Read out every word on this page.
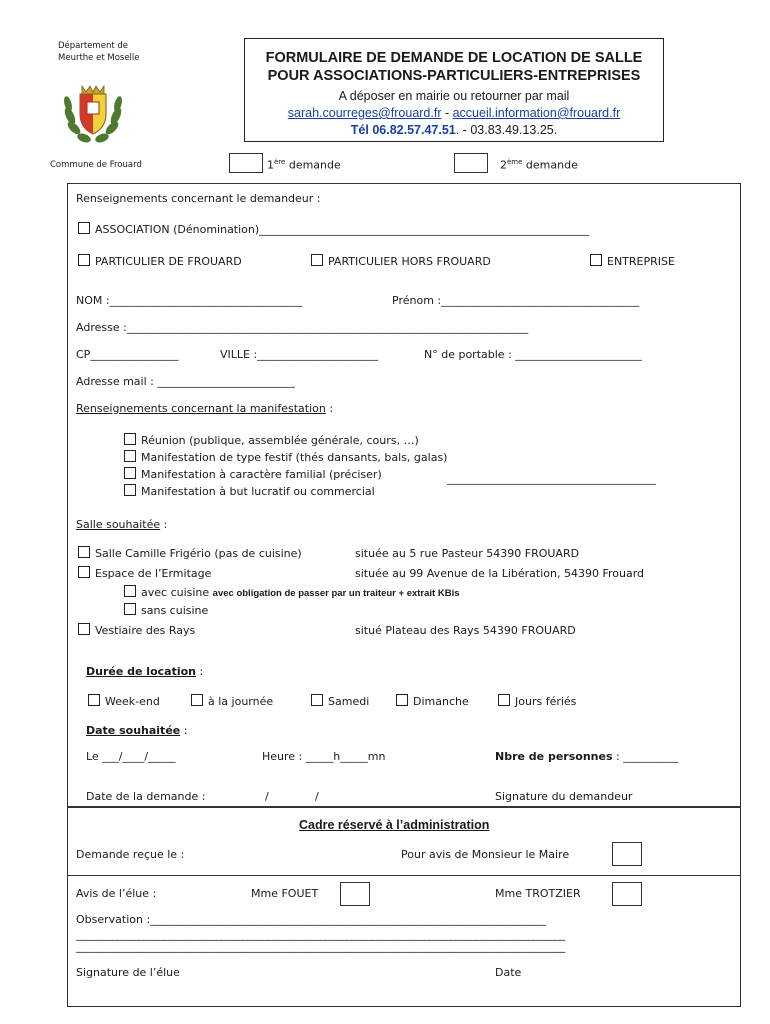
Département de
Meurthe et Moselle
Commune de Frouard
FORMULAIRE DE DEMANDE DE LOCATION DE SALLE
POUR ASSOCIATIONS-PARTICULIERS-ENTREPRISES
A déposer en mairie ou retourner par mail
sarah.courreges@frouard.fr - accueil.information@frouard.fr
Tél 06.82.57.47.51. - 03.83.49.13.25.
1ère demande	2ème demande
Renseignements concernant le demandeur :
ASSOCIATION (Dénomination)____________________________________________________________
PARTICULIER DE FROUARD	PARTICULIER HORS FROUARD	ENTREPRISE
NOM :___________________________________	Prénom :____________________________________
Adresse :_________________________________________________________________________
CP________________	VILLE :______________________	N° de portable : _______________________
Adresse mail : _________________________
Renseignements concernant la manifestation :
Réunion (publique, assemblée générale, cours, …)
Manifestation de type festif (thés dansants, bals, galas)
Manifestation à caractère familial (préciser)
Manifestation à but lucratif ou commercial
______________________________________
Salle souhaitée :
Salle Camille Frigério (pas de cuisine)	située au 5 rue Pasteur 54390 FROUARD
Espace de l’Ermitage	située au 99 Avenue de la Libération, 54390 Frouard
avec cuisine avec obligation de passer par un traiteur + extrait KBis
sans cuisine
Vestiaire des Rays	situé Plateau des Rays 54390 FROUARD
Durée de location :
Week-end	à la journée	Samedi	Dimanche	Jours fériés
Date souhaitée :
Le ___/____/_____	Heure : _____h_____mn	Nbre de personnes : __________
Date de la demande :	/	/	Signature du demandeur
Cadre réservé à l’administration
Demande reçue le :	Pour avis de Monsieur le Maire
Avis de l’élue :	Mme FOUET	Mme TROTZIER
Observation :________________________________________________________________________
______________________________________________________________________________________________
______________________________________________________________________________________________
Signature de l’élue	Date
